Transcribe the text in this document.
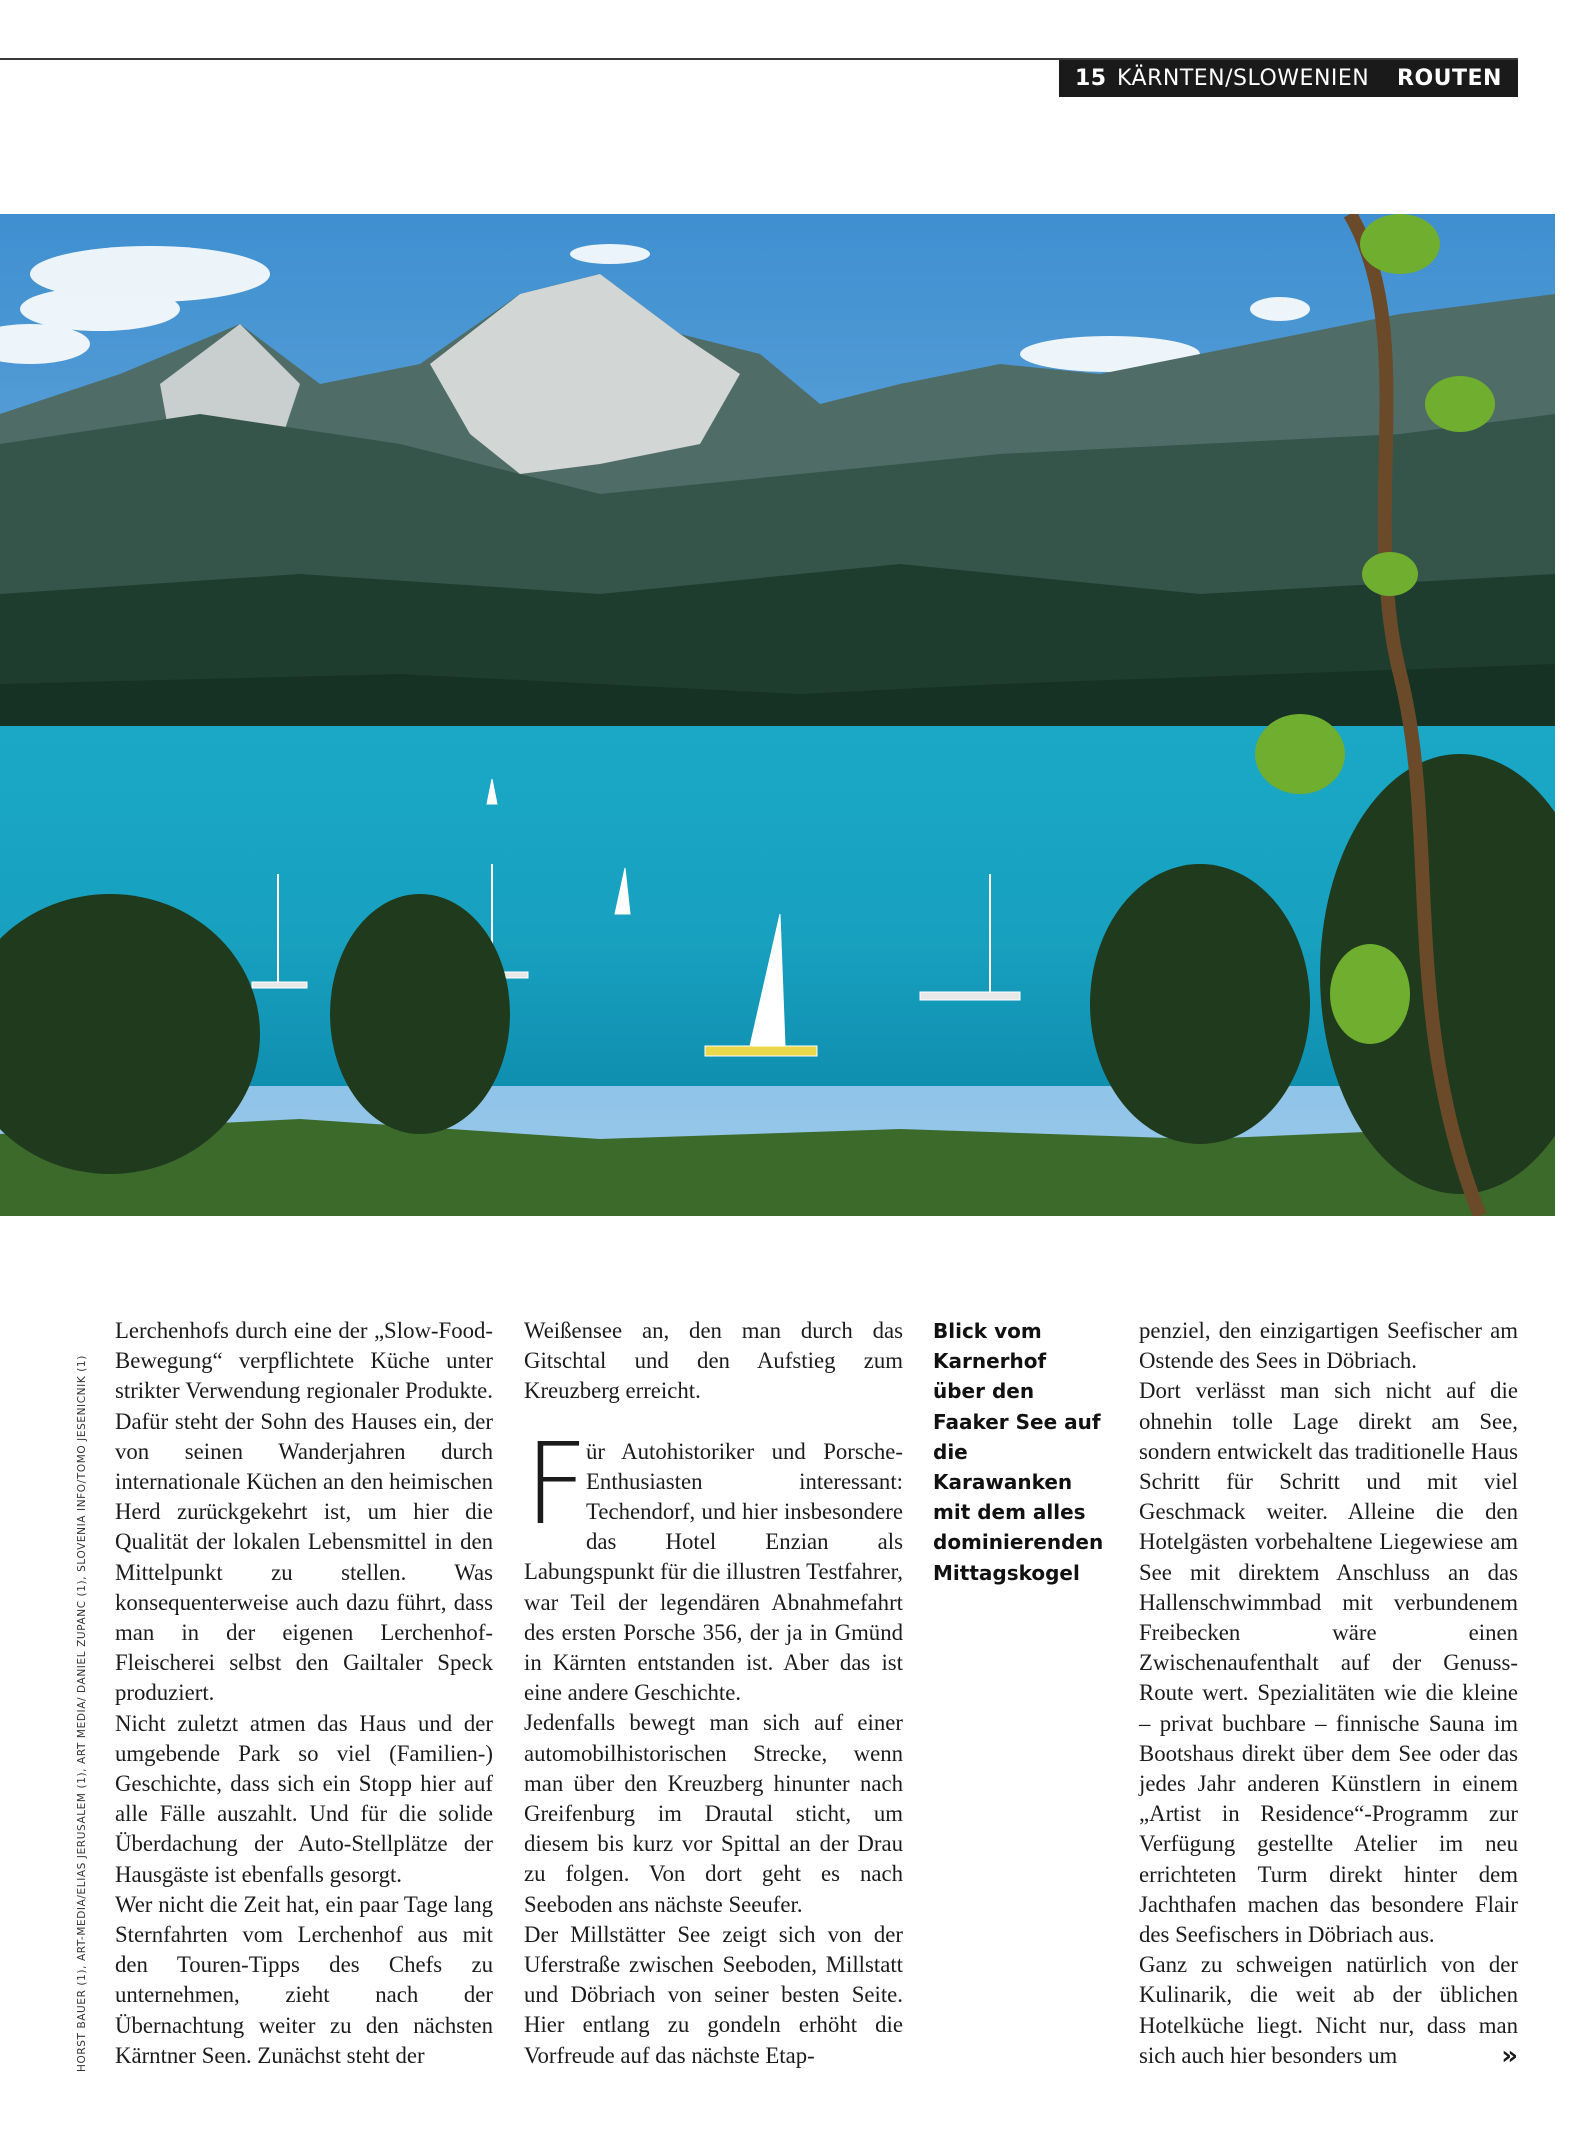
15 KÄRNTEN/SLOWENIEN	ROUTEN
HORST BAUER (1), ART-MEDIA/ELIAS JERUSALEM (1), ART MEDIA/ DANIEL ZUPANC (1), SLOVENIA INFO/TOMO JESENICNIK (1)

Lerchenhofs durch eine der „Slow-Food-Bewegung“ verpflichtete Küche unter strikter Verwendung regionaler Produkte. Dafür steht der Sohn des Hauses ein, der von seinen Wanderjahren durch internationale Küchen an den heimischen Herd zurückgekehrt ist, um hier die Qualität der lokalen Lebensmittel in den Mittelpunkt zu stellen. Was konsequenterweise auch dazu führt, dass man in der eigenen Lerchenhof-Fleischerei selbst den Gailtaler Speck produziert.

Nicht zuletzt atmen das Haus und der umgebende Park so viel (Familien-) Geschichte, dass sich ein Stopp hier auf alle Fälle auszahlt. Und für die solide Überdachung der Auto-Stellplätze der Hausgäste ist ebenfalls gesorgt.

Wer nicht die Zeit hat, ein paar Tage lang Sternfahrten vom Lerchenhof aus mit den Touren-Tipps des Chefs zu unternehmen, zieht nach der Übernachtung weiter zu den nächsten Kärntner Seen. Zunächst steht der

Weißensee an, den man durch das Gitschtal und den Aufstieg zum Kreuzberg erreicht.

F
ür Autohistoriker und Porsche-Enthusiasten interessant: Techendorf, und hier insbesondere das Hotel Enzian als Labungspunkt für die illustren Testfahrer, war Teil der legendären Abnahmefahrt des ersten Porsche 356, der ja in Gmünd in Kärnten entstanden ist. Aber das ist eine andere Geschichte.

Jedenfalls bewegt man sich auf einer automobilhistorischen Strecke, wenn man über den Kreuzberg hinunter nach Greifenburg im Drautal sticht, um diesem bis kurz vor Spittal an der Drau zu folgen. Von dort geht es nach Seeboden ans nächste Seeufer.

Der Millstätter See zeigt sich von der Uferstraße zwischen Seeboden, Millstatt und Döbriach von seiner besten Seite. Hier entlang zu gondeln erhöht die Vorfreude auf das nächste Etap-

Blick vom Karnerhof über den Faaker See auf die Karawanken mit dem alles dominierenden Mittagskogel

penziel, den einzigartigen Seefischer am Ostende des Sees in Döbriach.

Dort verlässt man sich nicht auf die ohnehin tolle Lage direkt am See, sondern entwickelt das traditionelle Haus Schritt für Schritt und mit viel Geschmack weiter. Alleine die den Hotelgästen vorbehaltene Liegewiese am See mit direktem Anschluss an das Hallenschwimmbad mit verbundenem Freibecken wäre einen Zwischenaufenthalt auf der Genuss-Route wert. Spezialitäten wie die kleine – privat buchbare – finnische Sauna im Bootshaus direkt über dem See oder das jedes Jahr anderen Künstlern in einem „Artist in Residence“-Programm zur Verfügung gestellte Atelier im neu errichteten Turm direkt hinter dem Jachthafen machen das besondere Flair des Seefischers in Döbriach aus.

Ganz zu schweigen natürlich von der Kulinarik, die weit ab der üblichen Hotelküche liegt. Nicht nur, dass man sich auch hier besonders um	»
